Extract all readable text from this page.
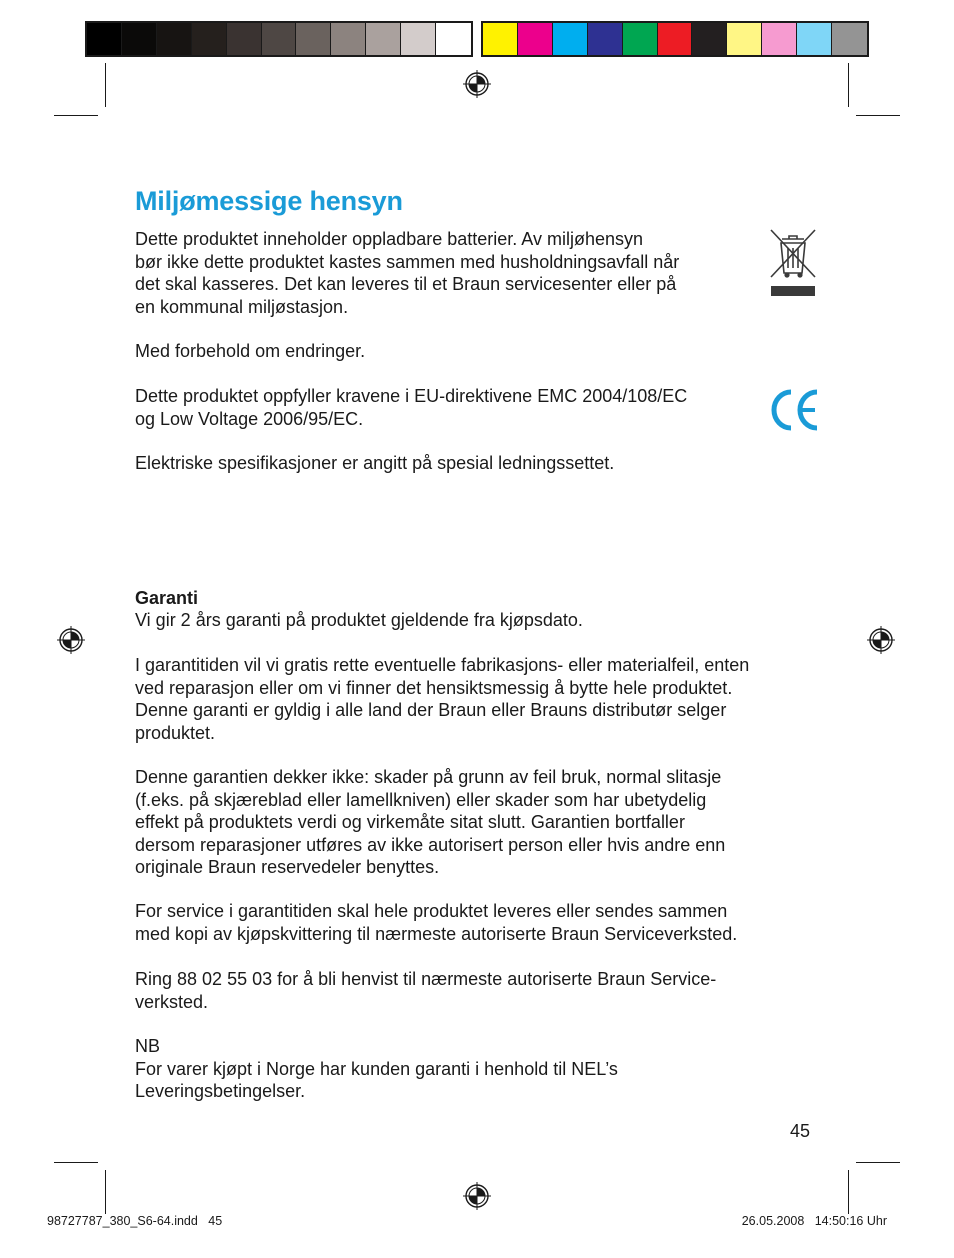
Miljømessige hensyn

Dette produktet inneholder oppladbare batterier. Av miljøhensyn
bør ikke dette produktet kastes sammen med husholdningsavfall når
det skal kasseres. Det kan leveres til et Braun servicesenter eller på
en kommunal miljøstasjon.

Med forbehold om endringer.

Dette produktet oppfyller kravene i EU-direktivene EMC 2004/108/EC
og Low Voltage 2006/95/EC.

Elektriske spesifikasjoner er angitt på spesial ledningssettet.

Garanti

Vi gir 2 års garanti på produktet gjeldende fra kjøpsdato.

I garantitiden vil vi gratis rette eventuelle fabrikasjons- eller materialfeil, enten
ved reparasjon eller om vi finner det hensiktsmessig å bytte hele produktet.
Denne garanti er gyldig i alle land der Braun eller Brauns distributør selger
produktet.

Denne garantien dekker ikke: skader på grunn av feil bruk, normal slitasje
(f.eks. på skjæreblad eller lamellkniven) eller skader som har ubetydelig
effekt på produktets verdi og virkemåte sitat slutt. Garantien bortfaller
dersom reparasjoner utføres av ikke autorisert person eller hvis andre enn
originale Braun reservedeler benyttes.

For service i garantitiden skal hele produktet leveres eller sendes sammen
med kopi av kjøpskvittering til nærmeste autoriserte Braun Serviceverksted.

Ring 88 02 55 03 for å bli henvist til nærmeste autoriserte Braun Service-
verksted.

NB
For varer kjøpt i Norge har kunden garanti i henhold til NEL’s
Leveringsbetingelser.

45
98727787_380_S6-64.indd   45	26.05.2008   14:50:16 Uhr
